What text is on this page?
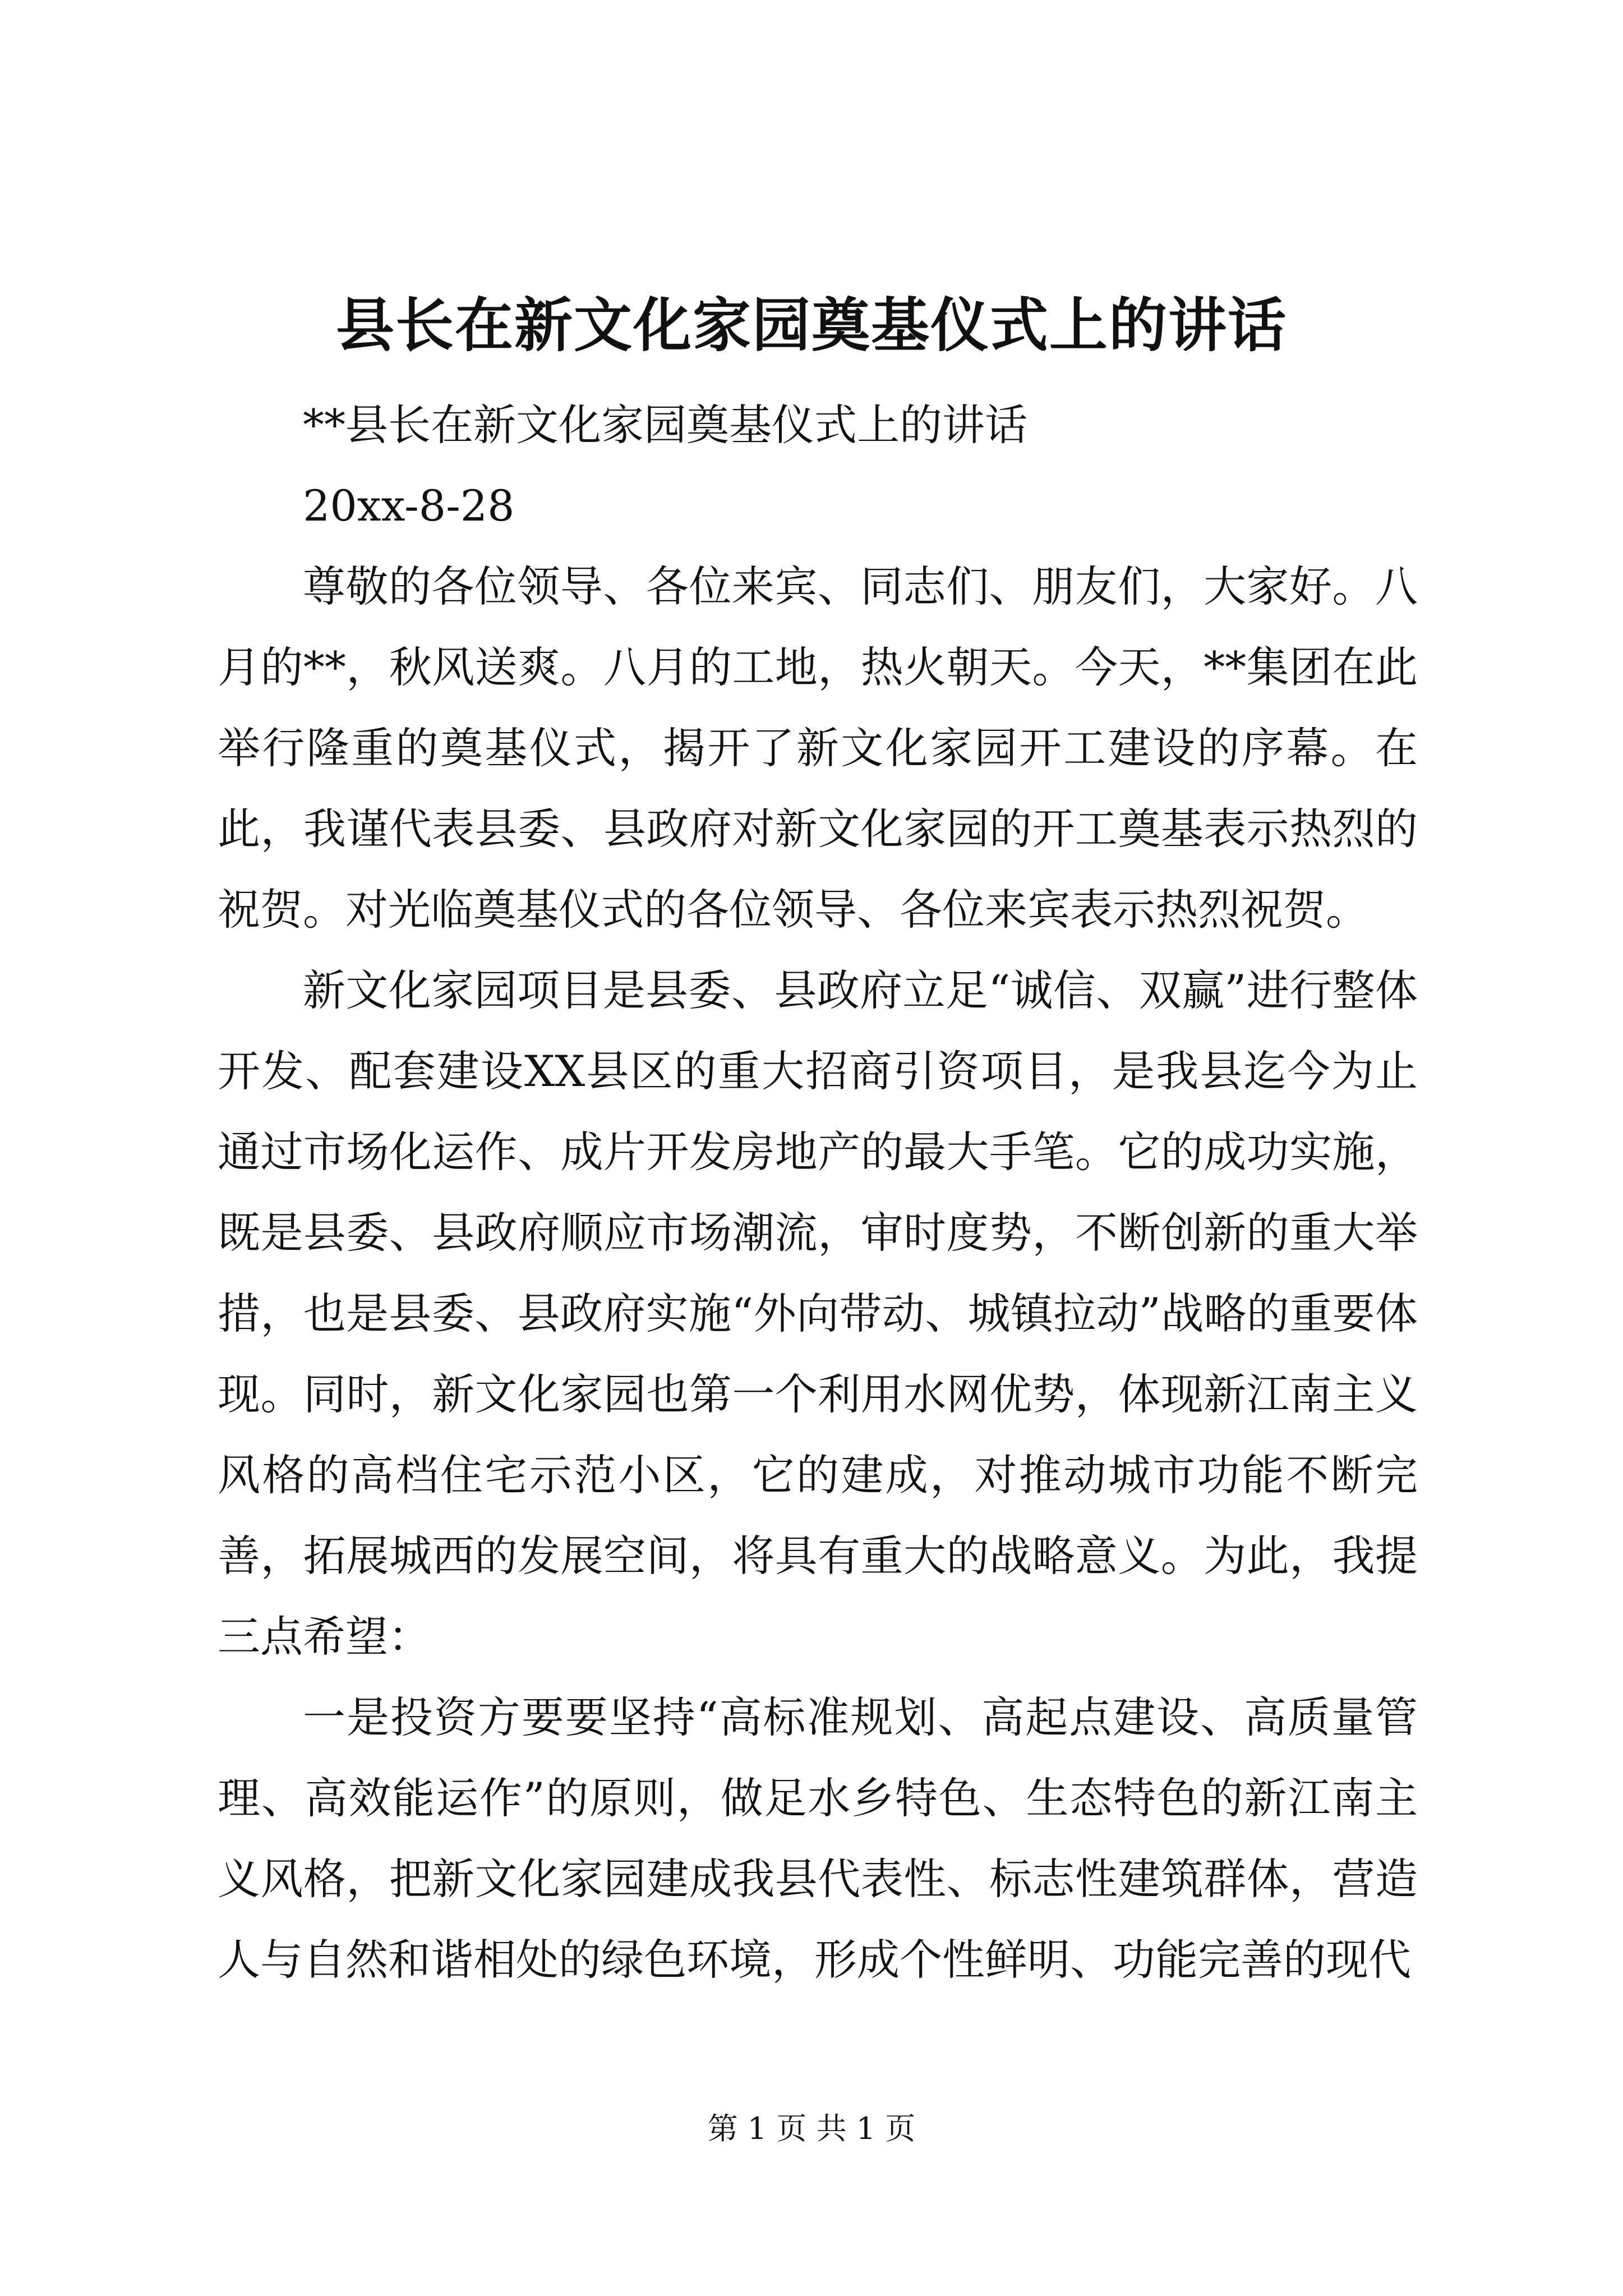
县长在新文化家园奠基仪式上的讲话

**县长在新文化家园奠基仪式上的讲话

20xx-8-28

尊敬的各位领导、各位来宾、同志们、朋友们，大家好。八月的**，秋风送爽。八月的工地，热火朝天。今天，**集团在此举行隆重的奠基仪式，揭开了新文化家园开工建设的序幕。在此，我谨代表县委、县政府对新文化家园的开工奠基表示热烈的祝贺。对光临奠基仪式的各位领导、各位来宾表示热烈祝贺。

新文化家园项目是县委、县政府立足“诚信、双赢”进行整体开发、配套建设XX县区的重大招商引资项目，是我县迄今为止通过市场化运作、成片开发房地产的最大手笔。它的成功实施，既是县委、县政府顺应市场潮流，审时度势，不断创新的重大举措，也是县委、县政府实施“外向带动、城镇拉动”战略的重要体现。同时，新文化家园也第一个利用水网优势，体现新江南主义风格的高档住宅示范小区，它的建成，对推动城市功能不断完善，拓展城西的发展空间，将具有重大的战略意义。为此，我提三点希望：

一是投资方要要坚持“高标准规划、高起点建设、高质量管理、高效能运作”的原则，做足水乡特色、生态特色的新江南主义风格，把新文化家园建成我县代表性、标志性建筑群体，营造人与自然和谐相处的绿色环境，形成个性鲜明、功能完善的现代

第 1 页 共 1 页
